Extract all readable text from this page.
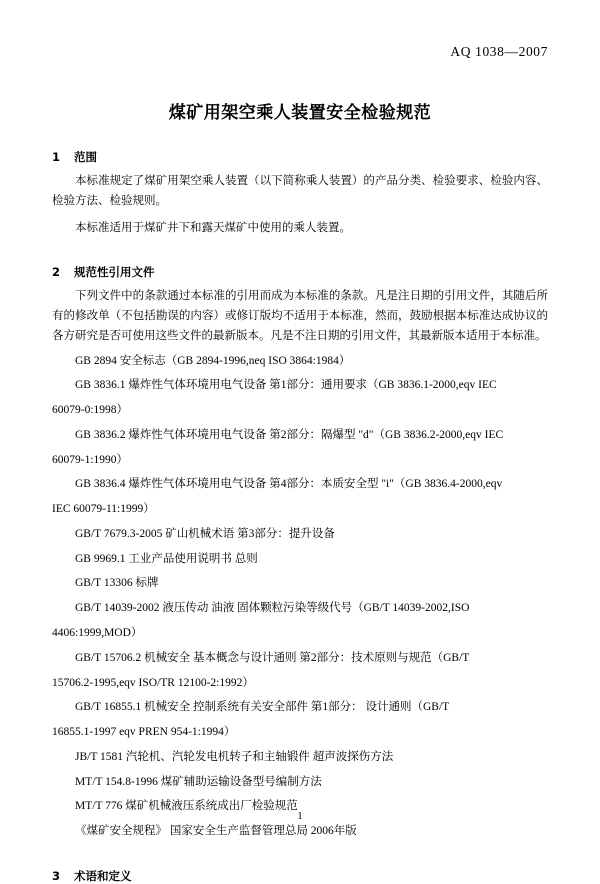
AQ 1038—2007
煤矿用架空乘人装置安全检验规范
1 范围

本标准规定了煤矿用架空乘人装置（以下简称乘人装置）的产品分类、检验要求、检验内容、检验方法、检验规则。

本标准适用于煤矿井下和露天煤矿中使用的乘人装置。

2 规范性引用文件

下列文件中的条款通过本标准的引用而成为本标准的条款。凡是注日期的引用文件，其随后所有的修改单（不包括勘误的内容）或修订版均不适用于本标准，然而，鼓励根据本标准达成协议的各方研究是否可使用这些文件的最新版本。凡是不注日期的引用文件，其最新版本适用于本标准。

GB 2894 安全标志（GB 2894-1996,neq ISO 3864:1984）

GB 3836.1 爆炸性气体环境用电气设备 第1部分：通用要求（GB 3836.1-2000,eqv IEC

60079-0:1998）

GB 3836.2 爆炸性气体环境用电气设备 第2部分：隔爆型 "d"（GB 3836.2-2000,eqv IEC

60079-1:1990）

GB 3836.4 爆炸性气体环境用电气设备 第4部分：本质安全型 "i"（GB 3836.4-2000,eqv

IEC 60079-11:1999）

GB/T 7679.3-2005 矿山机械术语 第3部分：提升设备

GB 9969.1 工业产品使用说明书 总则

GB/T 13306 标牌

GB/T 14039-2002 液压传动 油液 固体颗粒污染等级代号（GB/T 14039-2002,ISO

4406:1999,MOD）

GB/T 15706.2 机械安全 基本概念与设计通则 第2部分：技术原则与规范（GB/T

15706.2-1995,eqv ISO/TR 12100-2:1992）

GB/T 16855.1 机械安全 控制系统有关安全部件 第1部分： 设计通则（GB/T

16855.1-1997 eqv PREN 954-1:1994）

JB/T 1581 汽轮机、汽轮发电机转子和主轴锻件 超声波探伤方法

MT/T 154.8-1996 煤矿辅助运输设备型号编制方法

MT/T 776 煤矿机械液压系统成出厂检验规范

《煤矿安全规程》 国家安全生产监督管理总局 2006年版

3 术语和定义
1
